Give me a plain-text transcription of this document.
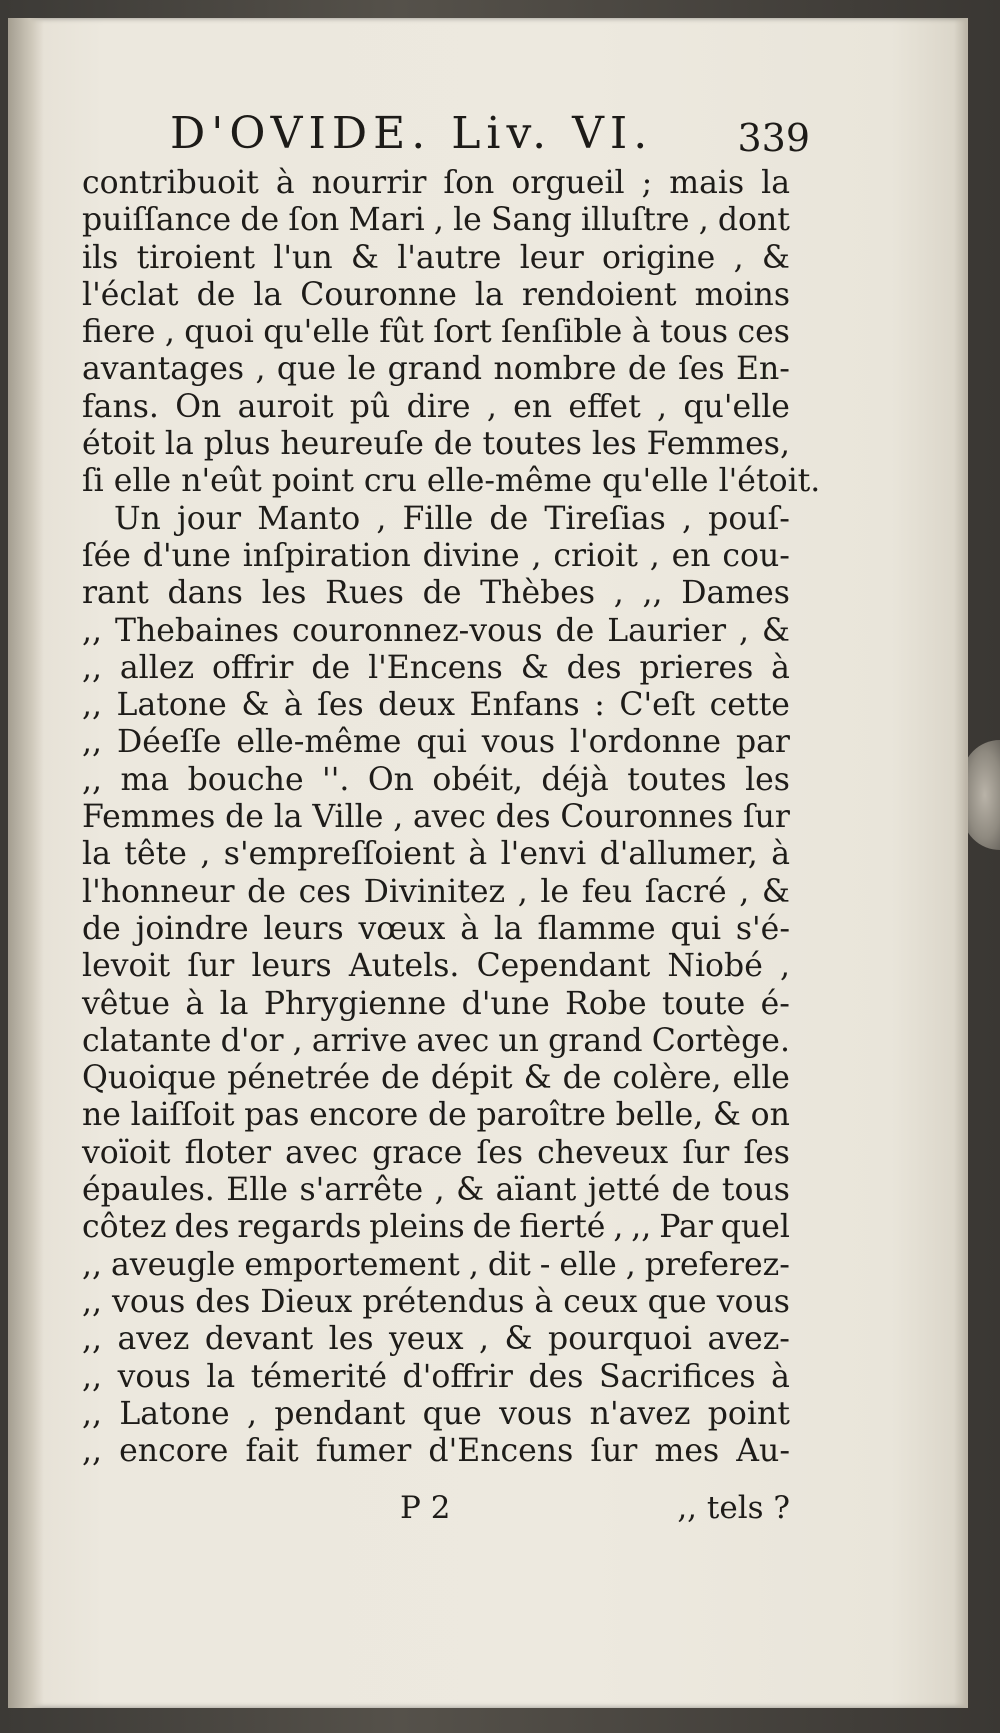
D'OVIDE. Liv. VI. 339
contribuoit à nourrir ſon orgueil ; mais la
puiſſance de ſon Mari , le Sang illuſtre , dont
ils tiroient l'un & l'autre leur origine , &
l'éclat de la Couronne la rendoient moins
fiere , quoi qu'elle fût ſort ſenſible à tous ces
avantages , que le grand nombre de ſes En-
fans. On auroit pû dire , en effet , qu'elle
étoit la plus heureuſe de toutes les Femmes,
ſi elle n'eût point cru elle-même qu'elle l'étoit.
Un jour Manto , Fille de Tireſias , pouſ-
ſée d'une inſpiration divine , crioit , en cou-
rant dans les Rues de Thèbes , ,, Dames
,, Thebaines couronnez-vous de Laurier , &
,, allez offrir de l'Encens & des prieres à
,, Latone & à ſes deux Enfans : C'eſt cette
,, Déeſſe elle-même qui vous l'ordonne par
,, ma bouche ''. On obéit, déjà toutes les
Femmes de la Ville , avec des Couronnes ſur
la tête , s'empreſſoient à l'envi d'allumer, à
l'honneur de ces Divinitez , le feu ſacré , &
de joindre leurs vœux à la flamme qui s'é-
levoit ſur leurs Autels. Cependant Niobé ,
vêtue à la Phrygienne d'une Robe toute é-
clatante d'or , arrive avec un grand Cortège.
Quoique pénetrée de dépit & de colère, elle
ne laiſſoit pas encore de paroître belle, & on
voïoit floter avec grace ſes cheveux ſur ſes
épaules. Elle s'arrête , & aïant jetté de tous
côtez des regards pleins de fierté , ,, Par quel
,, aveugle emportement , dit - elle , preferez-
,, vous des Dieux prétendus à ceux que vous
,, avez devant les yeux , & pourquoi avez-
,, vous la témerité d'offrir des Sacrifices à
,, Latone , pendant que vous n'avez point
,, encore fait fumer d'Encens ſur mes Au-
P 2	,, tels ?
